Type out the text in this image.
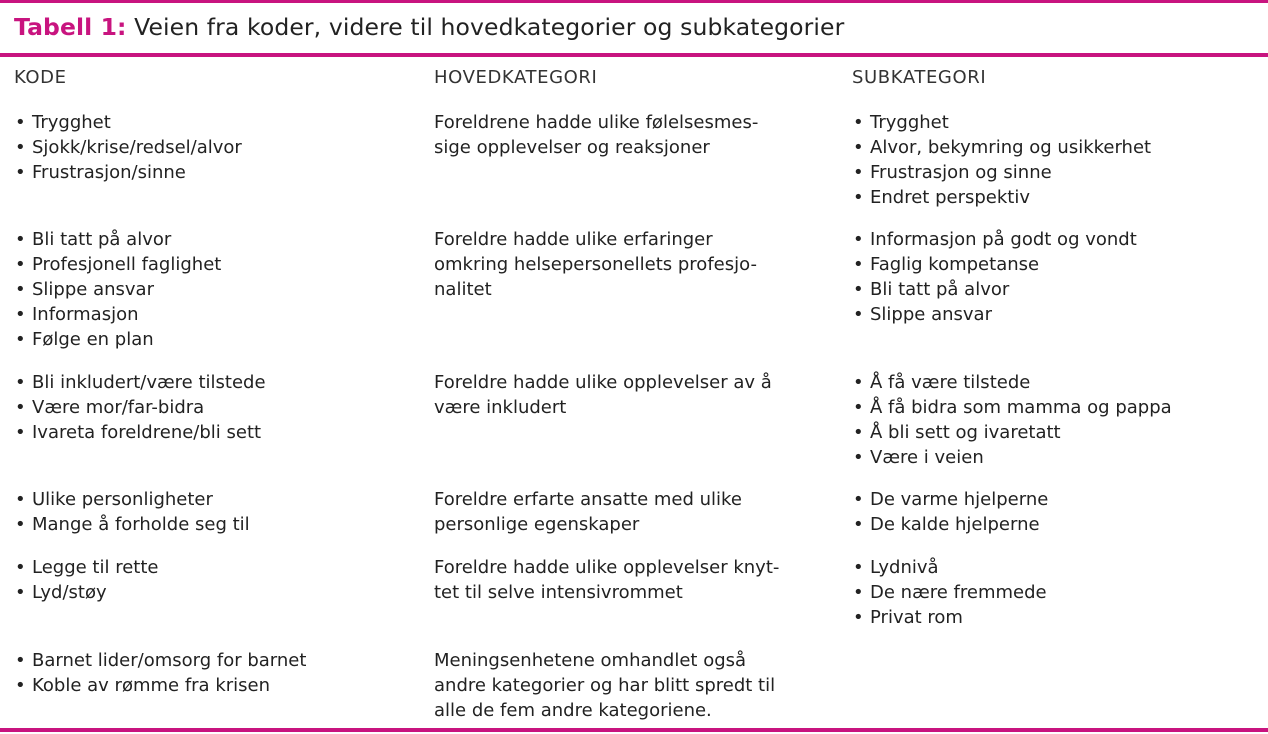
Tabell 1: Veien fra koder, videre til hovedkategorier og subkategorier
KODE	HOVEDKATEGORI	SUBKATEGORI
• Trygghet
• Sjokk/krise/redsel/alvor
• Frustrasjon/sinne
Foreldrene hadde ulike følelsesmes-
sige opplevelser og reaksjoner
• Trygghet
• Alvor, bekymring og usikkerhet
• Frustrasjon og sinne
• Endret perspektiv
• Bli tatt på alvor
• Profesjonell faglighet
• Slippe ansvar
• Informasjon
• Følge en plan
Foreldre hadde ulike erfaringer
omkring helsepersonellets profesjo-
nalitet
• Informasjon på godt og vondt
• Faglig kompetanse
• Bli tatt på alvor
• Slippe ansvar
• Bli inkludert/være tilstede
• Være mor/far-bidra
• Ivareta foreldrene/bli sett
Foreldre hadde ulike opplevelser av å
være inkludert
• Å få være tilstede
• Å få bidra som mamma og pappa
• Å bli sett og ivaretatt
• Være i veien
• Ulike personligheter
• Mange å forholde seg til
Foreldre erfarte ansatte med ulike
personlige egenskaper
• De varme hjelperne
• De kalde hjelperne
• Legge til rette
• Lyd/støy
Foreldre hadde ulike opplevelser knyt-
tet til selve intensivrommet
• Lydnivå
• De nære fremmede
• Privat rom
• Barnet lider/omsorg for barnet
• Koble av rømme fra krisen
Meningsenhetene omhandlet også
andre kategorier og har blitt spredt til
alle de fem andre kategoriene.
